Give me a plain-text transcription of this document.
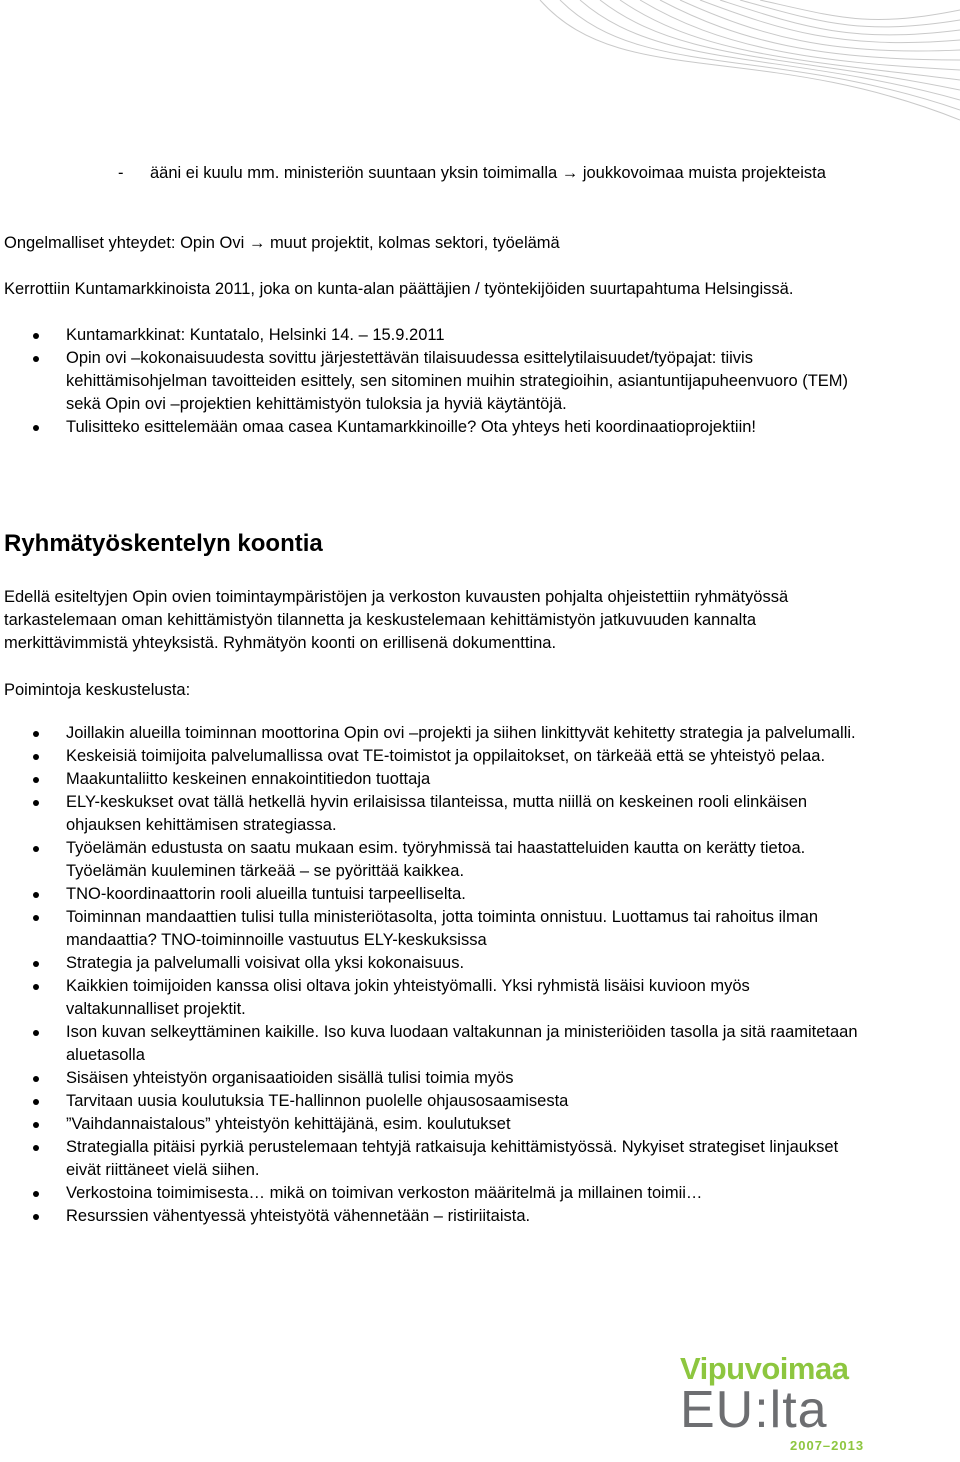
- ääni ei kuulu mm. ministeriön suuntaan yksin toimimalla → joukkovoimaa muista projekteista
Ongelmalliset yhteydet: Opin Ovi → muut projektit, kolmas sektori, työelämä
Kerrottiin Kuntamarkkinoista 2011, joka on kunta-alan päättäjien / työntekijöiden suurtapahtuma Helsingissä.
Kuntamarkkinat: Kuntatalo, Helsinki 14. – 15.9.2011
Opin ovi –kokonaisuudesta sovittu järjestettävän tilaisuudessa esittelytilaisuudet/työpajat: tiivis kehittämisohjelman tavoitteiden esittely, sen sitominen muihin strategioihin, asiantuntijapuheenvuoro (TEM) sekä Opin ovi –projektien kehittämistyön tuloksia ja hyviä käytäntöjä.
Tulisitteko esittelemään omaa casea Kuntamarkkinoille? Ota yhteys heti koordinaatioprojektiin!
Ryhmätyöskentelyn koontia
Edellä esiteltyjen Opin ovien toimintaympäristöjen ja verkoston kuvausten pohjalta ohjeistettiin ryhmätyössä tarkastelemaan oman kehittämistyön tilannetta ja keskustelemaan kehittämistyön jatkuvuuden kannalta merkittävimmistä yhteyksistä. Ryhmätyön koonti on erillisenä dokumenttina.
Poimintoja keskustelusta:
Joillakin alueilla toiminnan moottorina Opin ovi –projekti ja siihen linkittyvät kehitetty strategia ja palvelumalli.
Keskeisiä toimijoita palvelumallissa ovat TE-toimistot ja oppilaitokset, on tärkeää että se yhteistyö pelaa.
Maakuntaliitto keskeinen ennakointitiedon tuottaja
ELY-keskukset ovat tällä hetkellä hyvin erilaisissa tilanteissa, mutta niillä on keskeinen rooli elinkäisen ohjauksen kehittämisen strategiassa.
Työelämän edustusta on saatu mukaan esim. työryhmissä tai haastatteluiden kautta on kerätty tietoa. Työelämän kuuleminen tärkeää – se pyörittää kaikkea.
TNO-koordinaattorin rooli alueilla tuntuisi tarpeelliselta.
Toiminnan mandaattien tulisi tulla ministeriötasolta, jotta toiminta onnistuu. Luottamus tai rahoitus ilman mandaattia? TNO-toiminnoille vastuutus ELY-keskuksissa
Strategia ja palvelumalli voisivat olla yksi kokonaisuus.
Kaikkien toimijoiden kanssa olisi oltava jokin yhteistyömalli. Yksi ryhmistä lisäisi kuvioon myös valtakunnalliset projektit.
Ison kuvan selkeyttäminen kaikille. Iso kuva luodaan valtakunnan ja ministeriöiden tasolla ja sitä raamitetaan aluetasolla
Sisäisen yhteistyön organisaatioiden sisällä tulisi toimia myös
Tarvitaan uusia koulutuksia TE-hallinnon puolelle ohjausosaamisesta
”Vaihdannaistalous” yhteistyön kehittäjänä, esim. koulutukset
Strategialla pitäisi pyrkiä perustelemaan tehtyjä ratkaisuja kehittämistyössä. Nykyiset strategiset linjaukset eivät riittäneet vielä siihen.
Verkostoina toimimisesta… mikä on toimivan verkoston määritelmä ja millainen toimii…
Resurssien vähentyessä yhteistyötä vähennetään – ristiriitaista.
Vipuvoimaa
EU:lta
2007–2013
